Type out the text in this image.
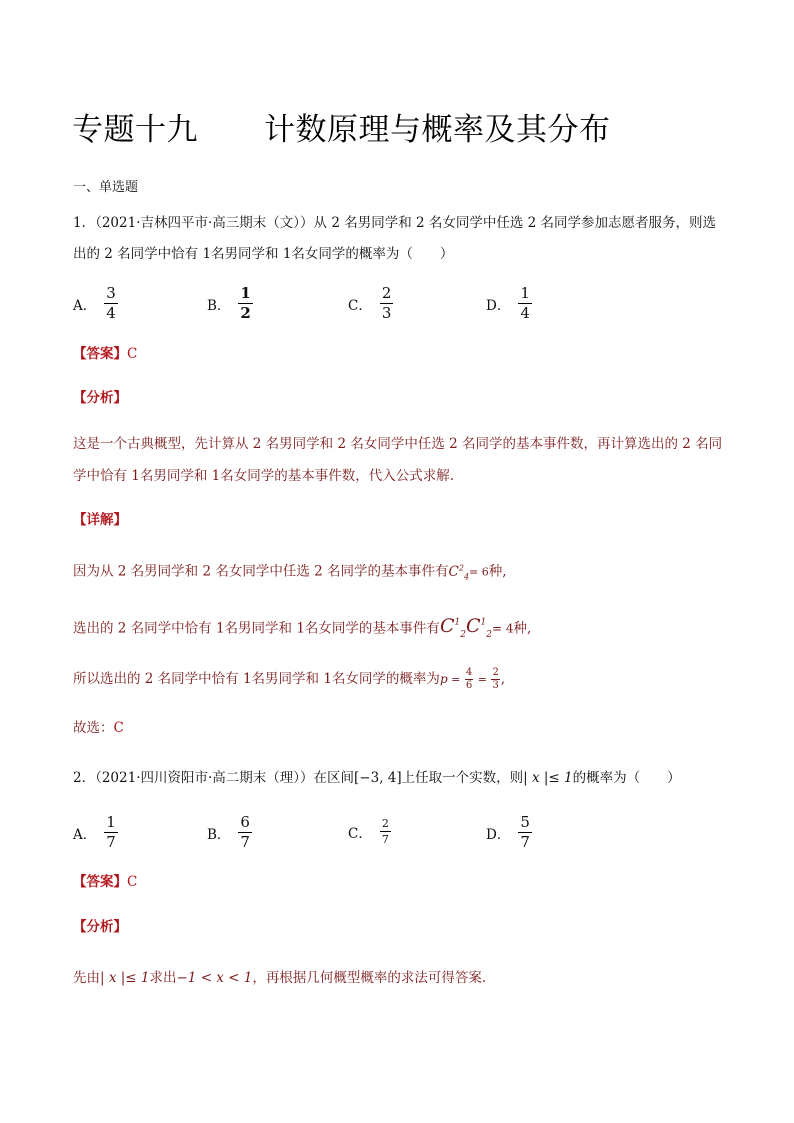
专题十九 计数原理与概率及其分布
一、单选题
1．（2021·吉林四平市·高三期末（文））从 2 名男同学和 2 名女同学中任选 2 名同学参加志愿者服务，则选
出的 2 名同学中恰有 1名男同学和 1名女同学的概率为（　　）
A． $\frac{3}{4}$	B． $\frac{1}{2}$	C． $\frac{2}{3}$	D． $\frac{1}{4}$
【答案】C
【分析】
这是一个古典概型，先计算从 2 名男同学和 2 名女同学中任选 2 名同学的基本事件数，再计算选出的 2 名同
学中恰有 1名男同学和 1名女同学的基本事件数，代入公式求解.
【详解】
因为从 2 名男同学和 2 名女同学中任选 2 名同学的基本事件有$C^2_4= 6$种,
选出的 2 名同学中恰有 1名男同学和 1名女同学的基本事件有$C^1_2C^1_2= 4$种,
所以选出的 2 名同学中恰有 1名男同学和 1名女同学的概率为$p = \frac{4}{6} = \frac{2}{3}$ ,
故选：C
2．（2021·四川资阳市·高二期末（理））在区间[−3, 4]上任取一个实数，则| x |≤ 1的概率为（　　）
A． $\frac{1}{7}$	B． $\frac{6}{7}$	C． $\frac{2}{7}$	D． $\frac{5}{7}$
【答案】C
【分析】
先由| x |≤ 1求出−1 < x < 1，再根据几何概型概率的求法可得答案.
